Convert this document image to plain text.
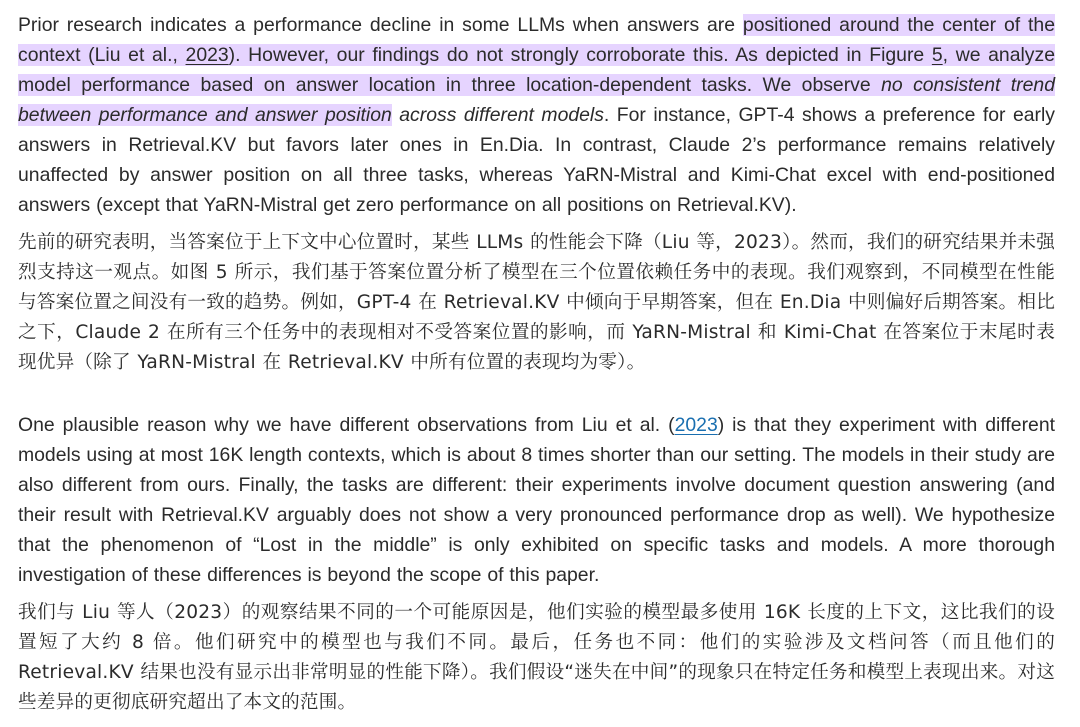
Prior research indicates a performance decline in some LLMs when answers are positioned around the center of the context (Liu et al., 2023). However, our findings do not strongly corroborate this. As depicted in Figure 5, we analyze model performance based on answer location in three location-dependent tasks. We observe no consistent trend between performance and answer position across different models. For instance, GPT-4 shows a preference for early answers in Retrieval.KV but favors later ones in En.Dia. In contrast, Claude 2’s performance remains relatively unaffected by answer position on all three tasks, whereas YaRN-Mistral and Kimi-Chat excel with end-positioned answers (except that YaRN-Mistral get zero performance on all positions on Retrieval.KV).

先前的研究表明，当答案位于上下文中心位置时，某些 LLMs 的性能会下降（Liu 等，2023）。然而，我们的研究结果并未强烈支持这一观点。如图 5 所示，我们基于答案位置分析了模型在三个位置依赖任务中的表现。我们观察到，不同模型在性能与答案位置之间没有一致的趋势。例如，GPT-4 在 Retrieval.KV 中倾向于早期答案，但在 En.Dia 中则偏好后期答案。相比之下，Claude 2 在所有三个任务中的表现相对不受答案位置的影响，而 YaRN-Mistral 和 Kimi-Chat 在答案位于末尾时表现优异（除了 YaRN-Mistral 在 Retrieval.KV 中所有位置的表现均为零）。

One plausible reason why we have different observations from Liu et al. (2023) is that they experiment with different models using at most 16K length contexts, which is about 8 times shorter than our setting. The models in their study are also different from ours. Finally, the tasks are different: their experiments involve document question answering (and their result with Retrieval.KV arguably does not show a very pronounced performance drop as well). We hypothesize that the phenomenon of “Lost in the middle” is only exhibited on specific tasks and models. A more thorough investigation of these differences is beyond the scope of this paper.

我们与 Liu 等人（2023）的观察结果不同的一个可能原因是，他们实验的模型最多使用 16K 长度的上下文，这比我们的设置短了大约 8 倍。他们研究中的模型也与我们不同。最后，任务也不同：他们的实验涉及文档问答（而且他们的 Retrieval.KV 结果也没有显示出非常明显的性能下降）。我们假设“迷失在中间”的现象只在特定任务和模型上表现出来。对这些差异的更彻底研究超出了本文的范围。
